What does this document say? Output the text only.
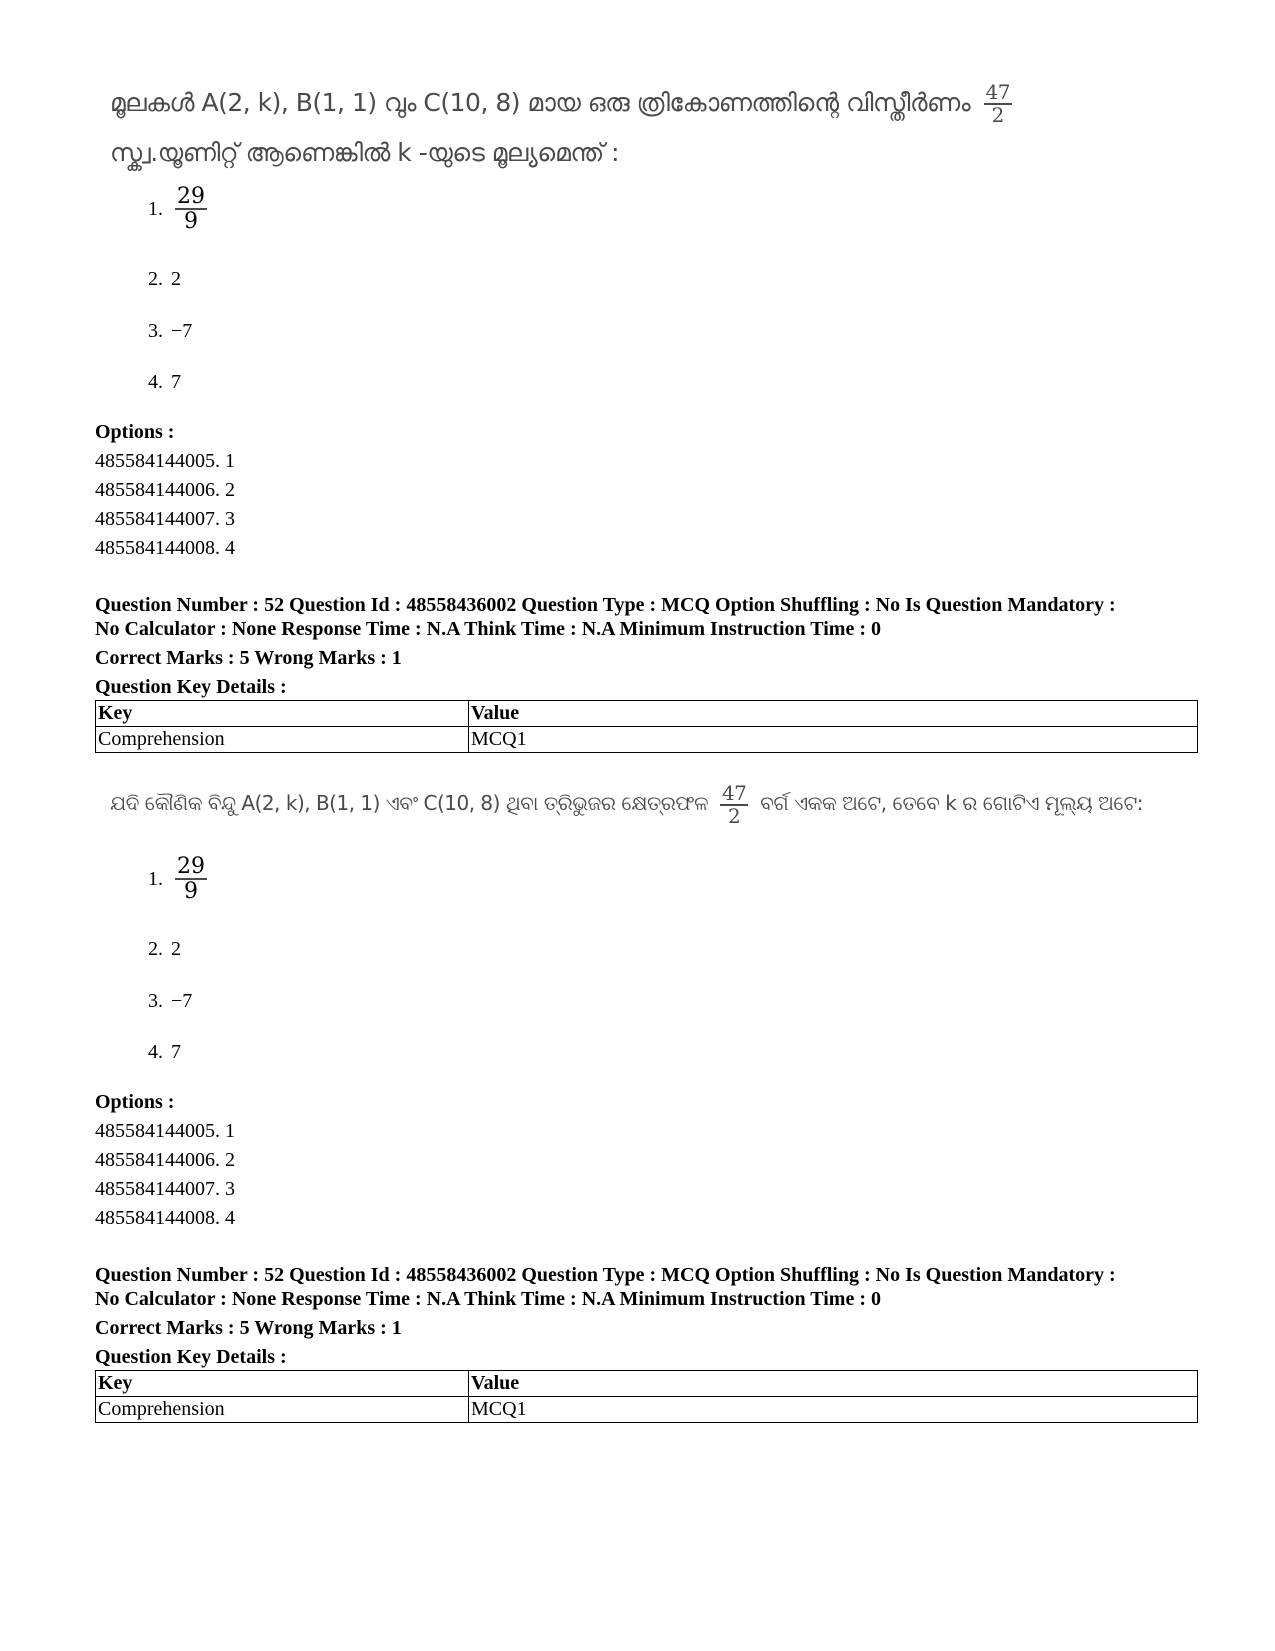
മൂലകൾ A(2, k), B(1, 1) വും C(10, 8) മായ ഒരു ത്രികോണത്തിന്റെ വിസ്തീർണം $\frac{47}{2}$

സ്ക്വ.യൂണിറ്റ് ആണെങ്കിൽ k -യുടെ മൂല്യമെന്ത് :
1. $\frac{29}{9}$
2. 2
3. −7
4. 7
Options :
485584144005. 1
485584144006. 2
485584144007. 3
485584144008. 4
Question Number : 52 Question Id : 48558436002 Question Type : MCQ Option Shuffling : No Is Question Mandatory :
No Calculator : None Response Time : N.A Think Time : N.A Minimum Instruction Time : 0
Correct Marks : 5 Wrong Marks : 1
Question Key Details :
Key	Value
Comprehension	MCQ1
ଯଦି କୌଣିକ ବିନ୍ଦୁ A(2, k), B(1, 1) ଏବଂ C(10, 8) ଥିବା ତ୍ରିଭୁଜର କ୍ଷେତ୍ରଫଳ $\frac{47}{2}$ ବର୍ଗ ଏକକ ଅଟେ, ତେବେ k ର ଗୋଟିଏ ମୂଲ୍ୟ ଅଟେ:
1. $\frac{29}{9}$
2. 2
3. −7
4. 7
Options :
485584144005. 1
485584144006. 2
485584144007. 3
485584144008. 4
Question Number : 52 Question Id : 48558436002 Question Type : MCQ Option Shuffling : No Is Question Mandatory :
No Calculator : None Response Time : N.A Think Time : N.A Minimum Instruction Time : 0
Correct Marks : 5 Wrong Marks : 1
Question Key Details :
Key	Value
Comprehension	MCQ1
